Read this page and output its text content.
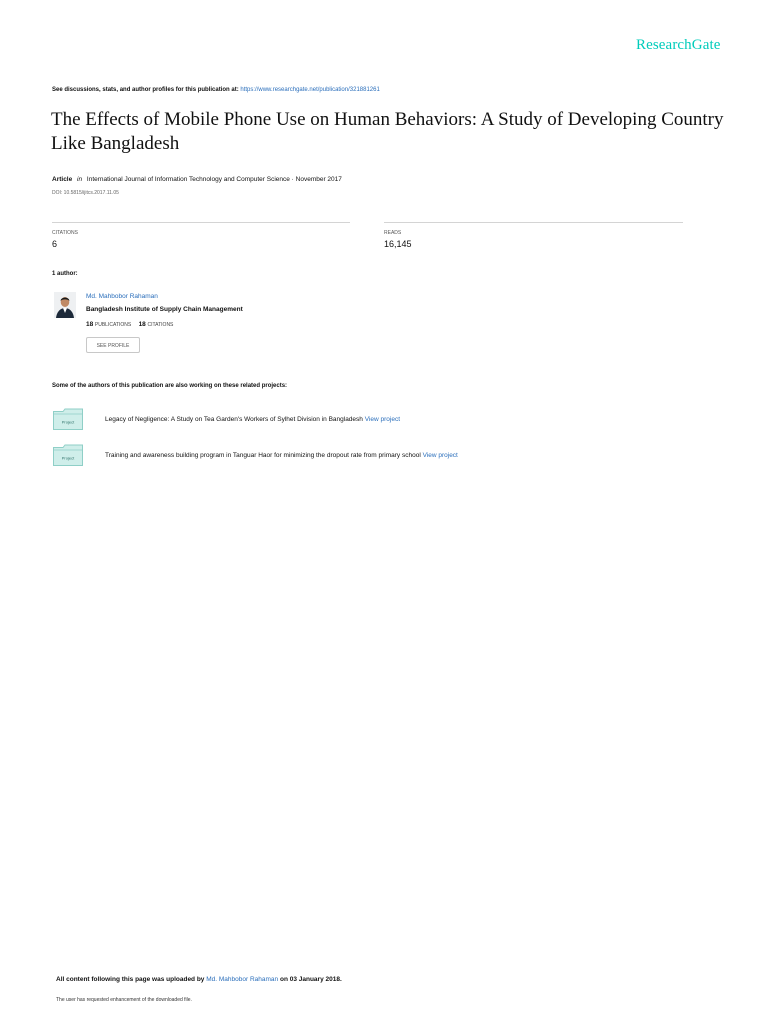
ResearchGate
See discussions, stats, and author profiles for this publication at: https://www.researchgate.net/publication/321881261
The Effects of Mobile Phone Use on Human Behaviors: A Study of Developing Country Like Bangladesh
Article in International Journal of Information Technology and Computer Science · November 2017
DOI: 10.5815/ijitcs.2017.11.05
CITATIONS
6
READS
16,145
1 author:
Md. Mahbobor Rahaman
Bangladesh Institute of Supply Chain Management
18 PUBLICATIONS 18 CITATIONS
SEE PROFILE
Some of the authors of this publication are also working on these related projects:
Project	Legacy of Negligence: A Study on Tea Garden's Workers of Sylhet Division in Bangladesh View project
Project	Training and awareness building program in Tanguar Haor for minimizing the dropout rate from primary school View project
All content following this page was uploaded by Md. Mahbobor Rahaman on 03 January 2018.
The user has requested enhancement of the downloaded file.
